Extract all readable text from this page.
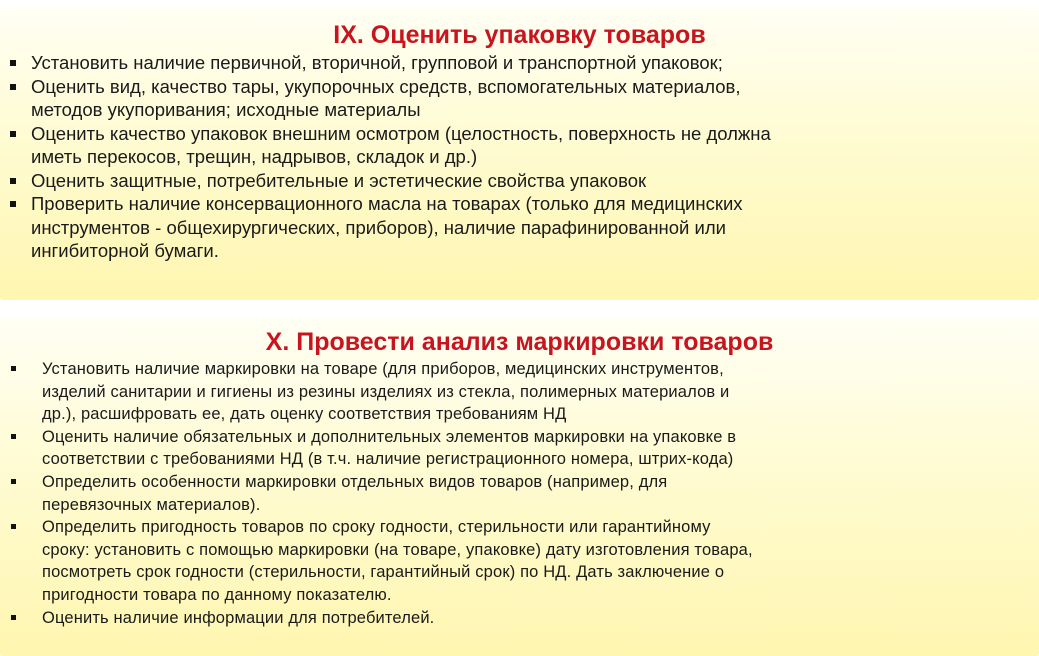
IX. Оценить упаковку товаров
Установить наличие первичной, вторичной, групповой и транспортной упаковок;
Оценить вид, качество тары, укупорочных средств, вспомогательных материалов,
методов укупоривания; исходные материалы
Оценить качество упаковок внешним осмотром (целостность, поверхность не должна
иметь перекосов, трещин, надрывов, складок и др.)
Оценить защитные, потребительные и эстетические свойства упаковок
Проверить наличие консервационного масла на товарах (только для медицинских
инструментов - общехирургических, приборов), наличие парафинированной или
ингибиторной бумаги.
X. Провести анализ маркировки товаров
Установить наличие маркировки на товаре (для приборов, медицинских инструментов,
изделий санитарии и гигиены из резины изделиях из стекла, полимерных материалов и
др.), расшифровать ее, дать оценку соответствия требованиям НД
Оценить наличие обязательных и дополнительных элементов маркировки на упаковке в
соответствии с требованиями НД (в т.ч. наличие регистрационного номера, штрих-кода)
Определить особенности маркировки отдельных видов товаров (например, для
перевязочных материалов).
Определить пригодность товаров по сроку годности, стерильности или гарантийному
сроку: установить с помощью маркировки (на товаре, упаковке) дату изготовления товара,
посмотреть срок годности (стерильности, гарантийный срок) по НД. Дать заключение о
пригодности товара по данному показателю.
Оценить наличие информации для потребителей.
